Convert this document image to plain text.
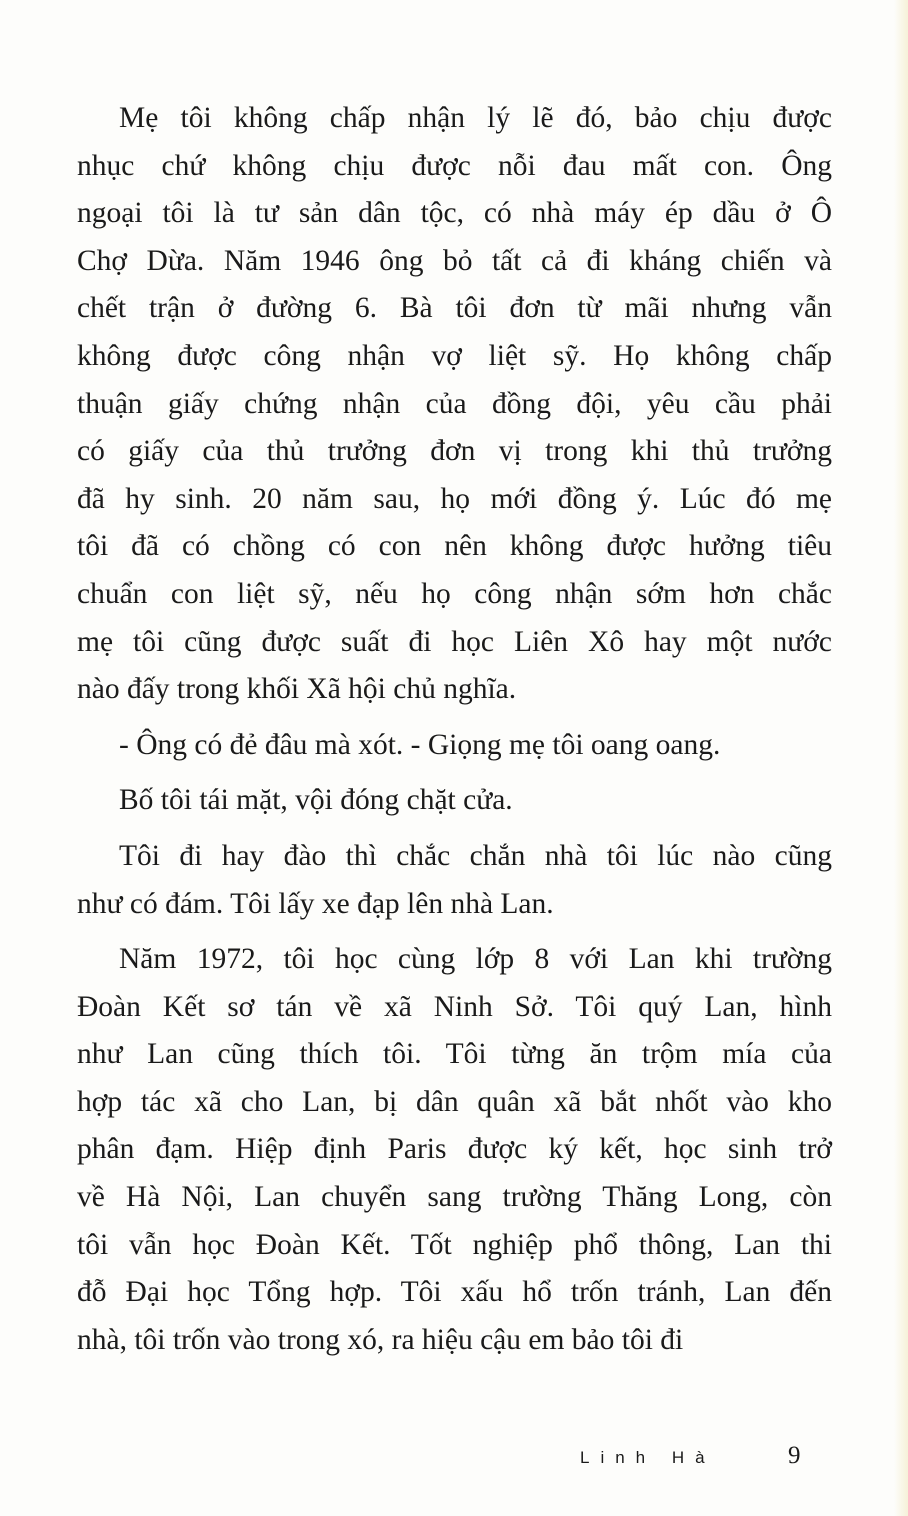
Mẹ tôi không chấp nhận lý lẽ đó, bảo chịu được
nhục chứ không chịu được nỗi đau mất con. Ông
ngoại tôi là tư sản dân tộc, có nhà máy ép dầu ở Ô
Chợ Dừa. Năm 1946 ông bỏ tất cả đi kháng chiến và
chết trận ở đường 6. Bà tôi đơn từ mãi nhưng vẫn
không được công nhận vợ liệt sỹ. Họ không chấp
thuận giấy chứng nhận của đồng đội, yêu cầu phải
có giấy của thủ trưởng đơn vị trong khi thủ trưởng
đã hy sinh. 20 năm sau, họ mới đồng ý. Lúc đó mẹ
tôi đã có chồng có con nên không được hưởng tiêu
chuẩn con liệt sỹ, nếu họ công nhận sớm hơn chắc
mẹ tôi cũng được suất đi học Liên Xô hay một nước
nào đấy trong khối Xã hội chủ nghĩa.
- Ông có đẻ đâu mà xót. - Giọng mẹ tôi oang oang.
Bố tôi tái mặt, vội đóng chặt cửa.
Tôi đi hay đào thì chắc chắn nhà tôi lúc nào cũng
như có đám. Tôi lấy xe đạp lên nhà Lan.
Năm 1972, tôi học cùng lớp 8 với Lan khi trường
Đoàn Kết sơ tán về xã Ninh Sở. Tôi quý Lan, hình
như Lan cũng thích tôi. Tôi từng ăn trộm mía của
hợp tác xã cho Lan, bị dân quân xã bắt nhốt vào kho
phân đạm. Hiệp định Paris được ký kết, học sinh trở
về Hà Nội, Lan chuyển sang trường Thăng Long, còn
tôi vẫn học Đoàn Kết. Tốt nghiệp phổ thông, Lan thi
đỗ Đại học Tổng hợp. Tôi xấu hổ trốn tránh, Lan đến
nhà, tôi trốn vào trong xó, ra hiệu cậu em bảo tôi đi
Linh Hà	9
